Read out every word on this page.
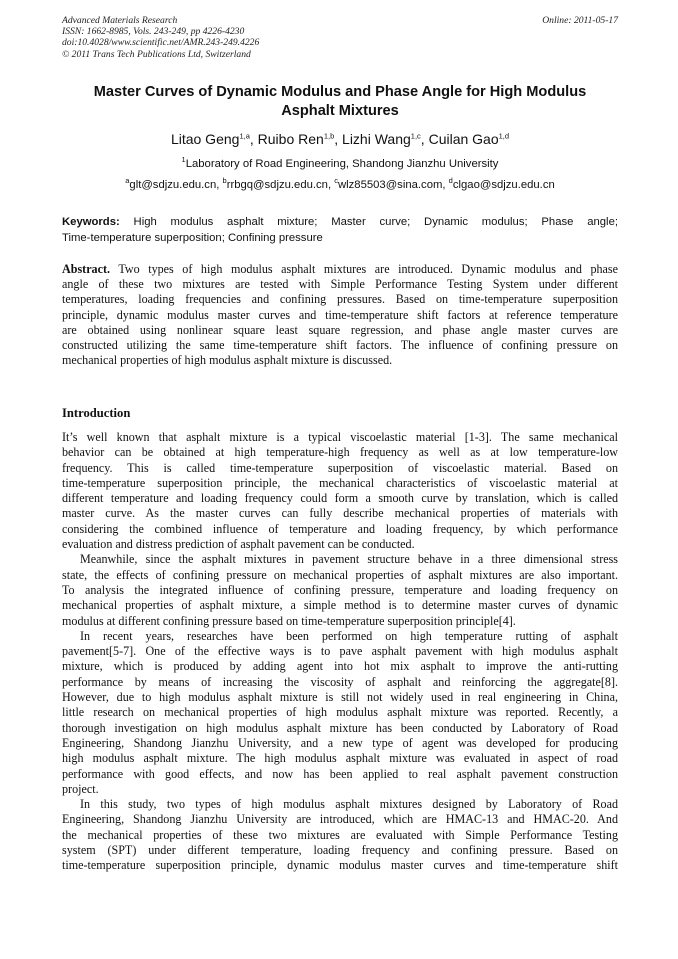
Advanced Materials Research
ISSN: 1662-8985, Vols. 243-249, pp 4226-4230
doi:10.4028/www.scientific.net/AMR.243-249.4226
© 2011 Trans Tech Publications Ltd, Switzerland
Online: 2011-05-17
Master Curves of Dynamic Modulus and Phase Angle for High Modulus
Asphalt Mixtures
Litao Geng$^{1,a}$, Ruibo Ren$^{1,b}$, Lizhi Wang$^{1,c}$, Cuilan Gao$^{1,d}$
$^1$Laboratory of Road Engineering, Shandong Jianzhu University
$^a$glt@sdjzu.edu.cn, $^b$rrbgq@sdjzu.edu.cn, $^c$wlz85503@sina.com, $^d$clgao@sdjzu.edu.cn
Keywords: High modulus asphalt mixture; Master curve; Dynamic modulus; Phase angle;
Time-temperature superposition; Confining pressure
Abstract. Two types of high modulus asphalt mixtures are introduced. Dynamic modulus and phase
angle of these two mixtures are tested with Simple Performance Testing System under different
temperatures, loading frequencies and confining pressures. Based on time-temperature superposition
principle, dynamic modulus master curves and time-temperature shift factors at reference temperature
are obtained using nonlinear square least square regression, and phase angle master curves are
constructed utilizing the same time-temperature shift factors. The influence of confining pressure on
mechanical properties of high modulus asphalt mixture is discussed.
Introduction

It’s well known that asphalt mixture is a typical viscoelastic material [1-3]. The same mechanical
behavior can be obtained at high temperature-high frequency as well as at low temperature-low
frequency. This is called time-temperature superposition of viscoelastic material. Based on
time-temperature superposition principle, the mechanical characteristics of viscoelastic material at
different temperature and loading frequency could form a smooth curve by translation, which is called
master curve. As the master curves can fully describe mechanical properties of materials with
considering the combined influence of temperature and loading frequency, by which performance
evaluation and distress prediction of asphalt pavement can be conducted.

Meanwhile, since the asphalt mixtures in pavement structure behave in a three dimensional stress
state, the effects of confining pressure on mechanical properties of asphalt mixtures are also important.
To analysis the integrated influence of confining pressure, temperature and loading frequency on
mechanical properties of asphalt mixture, a simple method is to determine master curves of dynamic
modulus at different confining pressure based on time-temperature superposition principle[4].

In recent years, researches have been performed on high temperature rutting of asphalt
pavement[5-7]. One of the effective ways is to pave asphalt pavement with high modulus asphalt
mixture, which is produced by adding agent into hot mix asphalt to improve the anti-rutting
performance by means of increasing the viscosity of asphalt and reinforcing the aggregate[8].
However, due to high modulus asphalt mixture is still not widely used in real engineering in China,
little research on mechanical properties of high modulus asphalt mixture was reported. Recently, a
thorough investigation on high modulus asphalt mixture has been conducted by Laboratory of Road
Engineering, Shandong Jianzhu University, and a new type of agent was developed for producing
high modulus asphalt mixture. The high modulus asphalt mixture was evaluated in aspect of road
performance with good effects, and now has been applied to real asphalt pavement construction
project.

In this study, two types of high modulus asphalt mixtures designed by Laboratory of Road
Engineering, Shandong Jianzhu University are introduced, which are HMAC-13 and HMAC-20. And
the mechanical properties of these two mixtures are evaluated with Simple Performance Testing
system (SPT) under different temperature, loading frequency and confining pressure. Based on
time-temperature superposition principle, dynamic modulus master curves and time-temperature shift
